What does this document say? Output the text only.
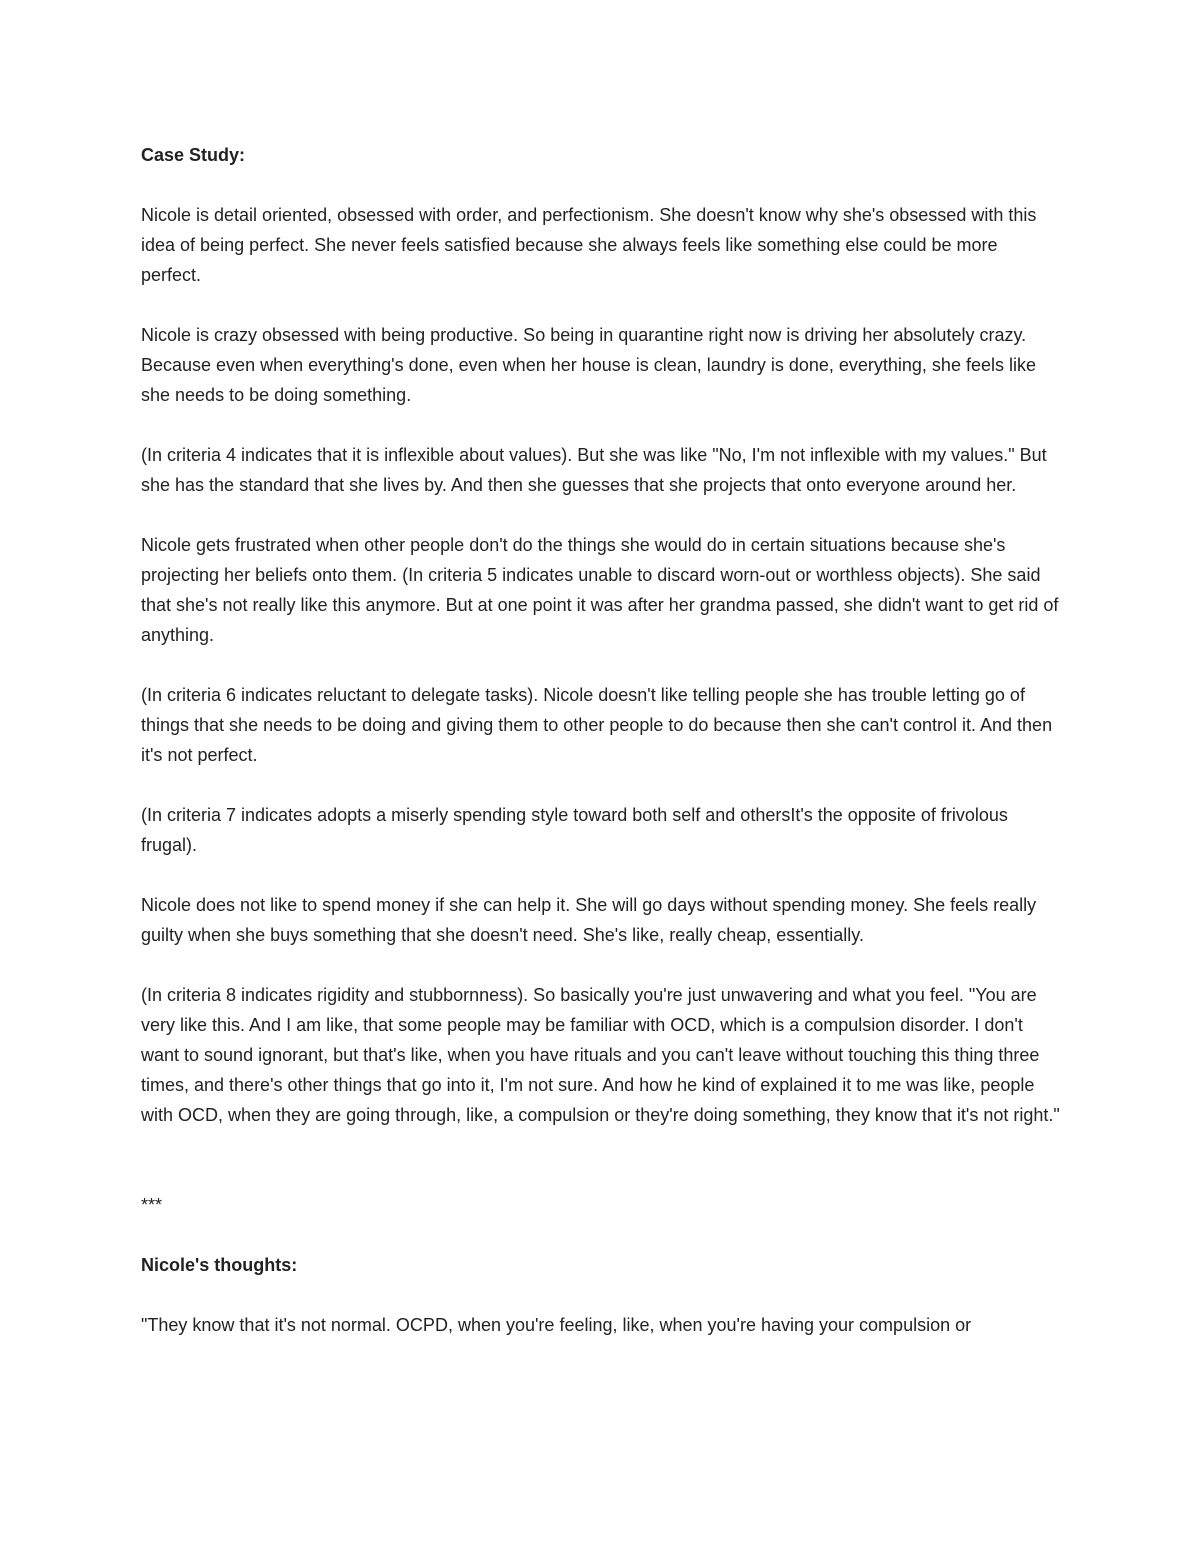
Case Study:

Nicole is detail oriented, obsessed with order, and perfectionism. She doesn't know why she's obsessed with this idea of being perfect. She never feels satisfied because she always feels like something else could be more perfect.

Nicole is crazy obsessed with being productive. So being in quarantine right now is driving her absolutely crazy. Because even when everything's done, even when her house is clean, laundry is done, everything, she feels like she needs to be doing something.

(In criteria 4 indicates that it is inflexible about values). But she was like "No, I'm not inflexible with my values." But she has the standard that she lives by. And then she guesses that she projects that onto everyone around her.

Nicole gets frustrated when other people don't do the things she would do in certain situations because she's projecting her beliefs onto them. (In criteria 5 indicates unable to discard worn-out or worthless objects). She said that she's not really like this anymore. But at one point it was after her grandma passed, she didn't want to get rid of anything.

(In criteria 6 indicates reluctant to delegate tasks). Nicole doesn't like telling people she has trouble letting go of things that she needs to be doing and giving them to other people to do because then she can't control it. And then it's not perfect.

(In criteria 7 indicates adopts a miserly spending style toward both self and othersIt's the opposite of frivolous frugal).

Nicole does not like to spend money if she can help it. She will go days without spending money. She feels really guilty when she buys something that she doesn't need. She's like, really cheap, essentially.

(In criteria 8 indicates rigidity and stubbornness). So basically you're just unwavering and what you feel. "You are very like this. And I am like, that some people may be familiar with OCD, which is a compulsion disorder. I don't want to sound ignorant, but that's like, when you have rituals and you can't leave without touching this thing three times, and there's other things that go into it, I'm not sure. And how he kind of explained it to me was like, people with OCD, when they are going through, like, a compulsion or they're doing something, they know that it's not right."

***

Nicole's thoughts:

"They know that it's not normal. OCPD, when you're feeling, like, when you're having your compulsion or
